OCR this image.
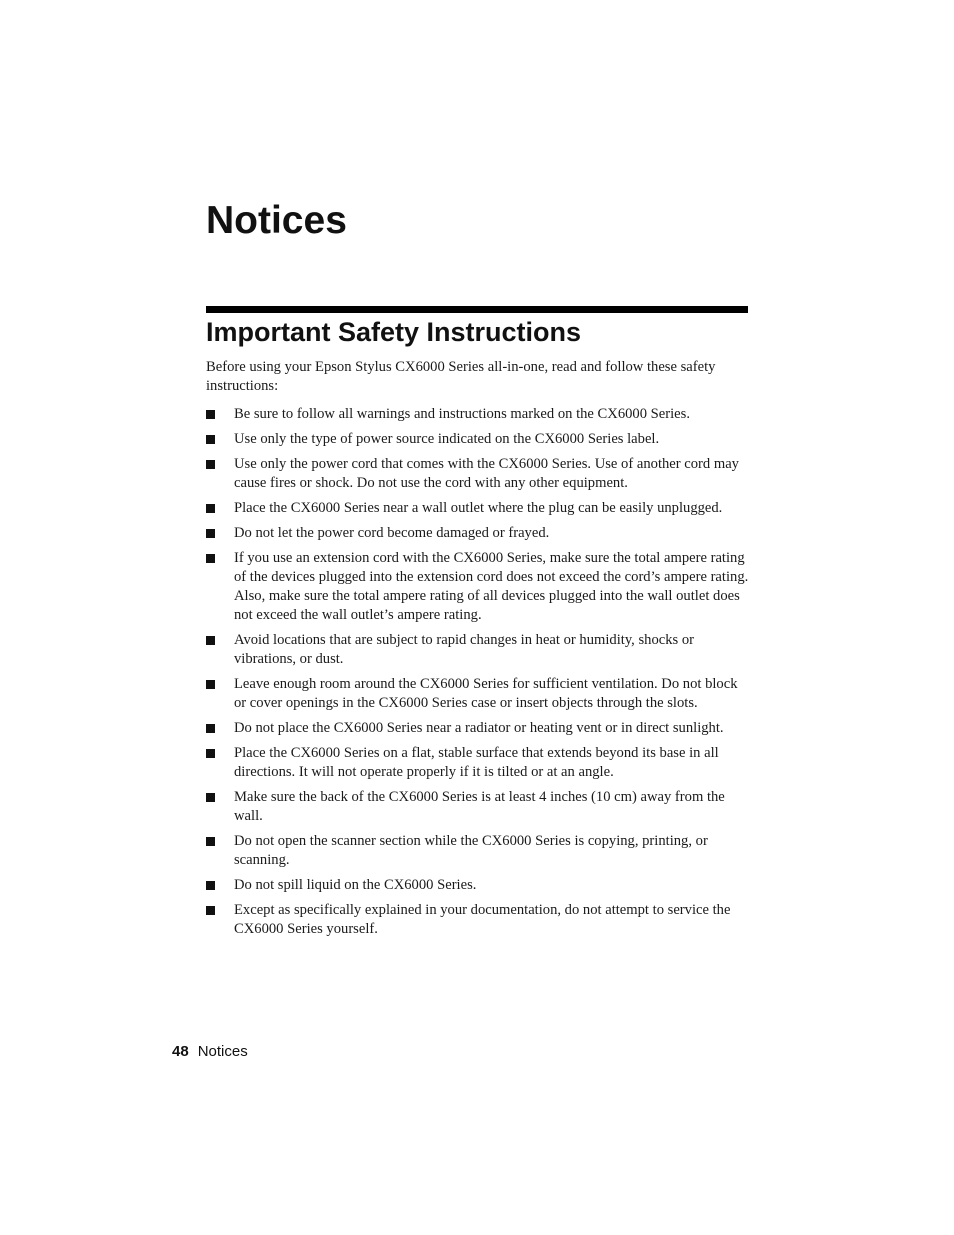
Notices
Important Safety Instructions

Before using your Epson Stylus CX6000 Series all-in-one, read and follow these safety instructions:

Be sure to follow all warnings and instructions marked on the CX6000 Series.
Use only the type of power source indicated on the CX6000 Series label.
Use only the power cord that comes with the CX6000 Series. Use of another cord may cause fires or shock. Do not use the cord with any other equipment.
Place the CX6000 Series near a wall outlet where the plug can be easily unplugged.
Do not let the power cord become damaged or frayed.
If you use an extension cord with the CX6000 Series, make sure the total ampere rating of the devices plugged into the extension cord does not exceed the cord’s ampere rating. Also, make sure the total ampere rating of all devices plugged into the wall outlet does not exceed the wall outlet’s ampere rating.
Avoid locations that are subject to rapid changes in heat or humidity, shocks or vibrations, or dust.
Leave enough room around the CX6000 Series for sufficient ventilation. Do not block or cover openings in the CX6000 Series case or insert objects through the slots.
Do not place the CX6000 Series near a radiator or heating vent or in direct sunlight.
Place the CX6000 Series on a flat, stable surface that extends beyond its base in all directions. It will not operate properly if it is tilted or at an angle.
Make sure the back of the CX6000 Series is at least 4 inches (10 cm) away from the wall.
Do not open the scanner section while the CX6000 Series is copying, printing, or scanning.
Do not spill liquid on the CX6000 Series.
Except as specifically explained in your documentation, do not attempt to service the CX6000 Series yourself.
48 Notices
